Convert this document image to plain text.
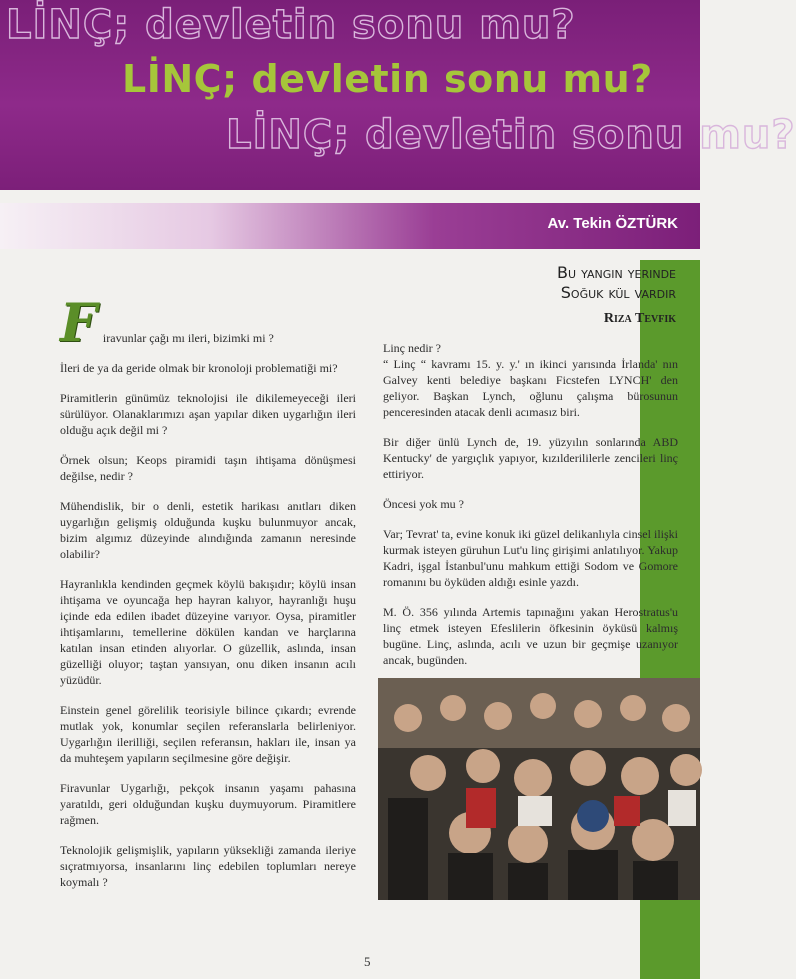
LİNÇ; devletin sonu mu?
LİNÇ; devletin sonu mu?
LİNÇ; devletin sonu mu?
Av. Tekin ÖZTÜRK
Bu yangın yerinde
Soğuk kül vardır
Rıza Tevfik

F iravunlar çağı mı ileri, bizimki mi ?

İleri de ya da geride olmak bir kronoloji problematiği mi?

Piramitlerin günümüz teknolojisi ile dikilemeyeceği ileri sürülüyor. Olanaklarımızı aşan yapılar diken uygarlığın ileri olduğu açık değil mi ?

Örnek olsun; Keops piramidi taşın ihtişama dönüşmesi değilse, nedir ?

Mühendislik, bir o denli, estetik harikası anıtları diken uygarlığın gelişmiş olduğunda kuşku bulunmuyor ancak, bizim algımız düzeyinde alındığında zamanın neresinde olabilir?

Hayranlıkla kendinden geçmek köylü bakışıdır; köylü insan ihtişama ve oyuncağa hep hayran kalıyor, hayranlığı huşu içinde eda edilen ibadet düzeyine varıyor. Oysa, piramitler ihtişamlarını, temellerine dökülen kandan ve harçlarına katılan insan etinden alıyorlar. O güzellik, aslında, insan güzelliği oluyor; taştan yansıyan, onu diken insanın acılı yüzüdür.

Einstein genel görelilik teorisiyle bilince çıkardı; evrende mutlak yok, konumlar seçilen referanslarla belirleniyor. Uygarlığın ilerilliği, seçilen referansın, hakları ile, insan ya da muhteşem yapıların seçilmesine göre değişir.

Firavunlar Uygarlığı, pekçok insanın yaşamı pahasına yaratıldı, geri olduğundan kuşku duymuyorum. Piramitlere rağmen.

Teknolojik gelişmişlik, yapıların yüksekliği zamanda ileriye sıçratmıyorsa, insanlarını linç edebilen toplumları nereye koymalı ?

Linç nedir ?
“ Linç “ kavramı 15. y. y.' ın ikinci yarısında İrlanda' nın Galvey kenti belediye başkanı Ficstefen LYNCH' den geliyor. Başkan Lynch, oğlunu çalışma bürosunun penceresinden atacak denli acımasız biri.

Bir diğer ünlü Lynch de, 19. yüzyılın sonlarında ABD Kentucky' de yargıçlık yapıyor, kızılderililerle zencileri linç ettiriyor.

Öncesi yok mu ?

Var; Tevrat' ta, evine konuk iki güzel delikanlıyla cinsel ilişki kurmak isteyen güruhun Lut'u linç girişimi anlatılıyor. Yakup Kadri, işgal İstanbul'unu mahkum ettiği Sodom ve Gomore romanını bu öyküden aldığı esinle yazdı.

M. Ö. 356 yılında Artemis tapınağını yakan Herostratus'u linç etmek isteyen Efeslilerin öfkesinin öyküsü kalmış bugüne. Linç, aslında, acılı ve uzun bir geçmişe uzanıyor ancak, bugünden.

5
